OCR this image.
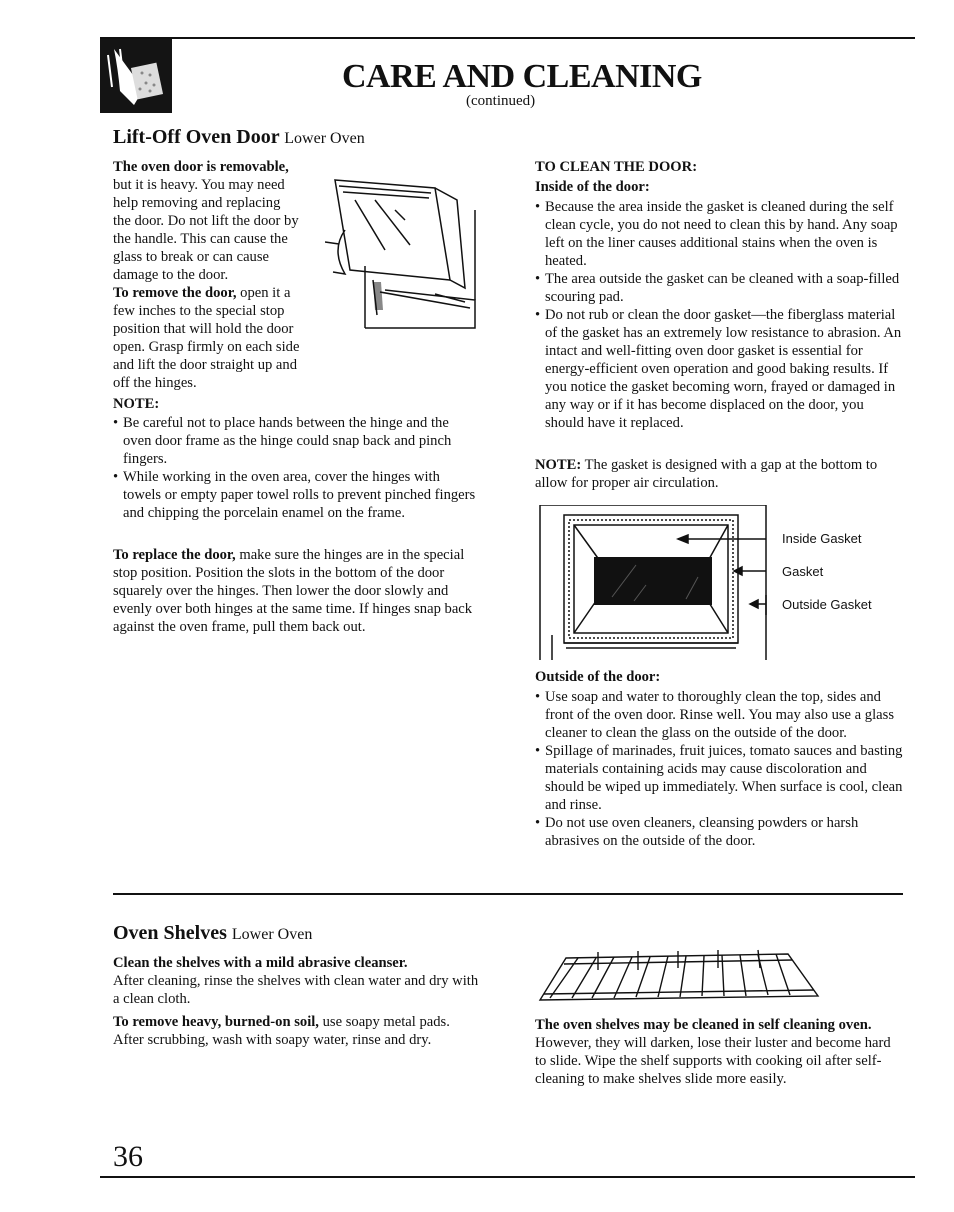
CARE AND CLEANING
(continued)
Lift-Off Oven Door Lower Oven

The oven door is removable,

but it is heavy. You may need

help removing and replacing

the door. Do not lift the door by

the handle. This can cause the

glass to break or can cause

damage to the door.

To remove the door, open it a

few inches to the special stop

position that will hold the door

open. Grasp firmly on each side

and lift the door straight up and

off the hinges.

NOTE:
• Be careful not to place hands between the hinge and the oven door frame as the hinge could snap back and pinch fingers.
• While working in the oven area, cover the hinges with towels or empty paper towel rolls to prevent pinched fingers and chipping the porcelain enamel on the frame.

To replace the door, make sure the hinges are in the special stop position. Position the slots in the bottom of the door squarely over the hinges. Then lower the door slowly and evenly over both hinges at the same time. If hinges snap back against the oven frame, pull them back out.

TO CLEAN THE DOOR:
Inside of the door:
• Because the area inside the gasket is cleaned during the self clean cycle, you do not need to clean this by hand. Any soap left on the liner causes additional stains when the oven is heated.
• The area outside the gasket can be cleaned with a soap-filled scouring pad.
• Do not rub or clean the door gasket—the fiberglass material of the gasket has an extremely low resistance to abrasion. An intact and well-fitting oven door gasket is essential for energy-efficient oven operation and good baking results. If you notice the gasket becoming worn, frayed or damaged in any way or if it has become displaced on the door, you should have it replaced.

NOTE: The gasket is designed with a gap at the bottom to allow for proper air circulation.

Inside Gasket
Gasket
Outside Gasket
Outside of the door:
• Use soap and water to thoroughly clean the top, sides and front of the oven door. Rinse well. You may also use a glass cleaner to clean the glass on the outside of the door.
• Spillage of marinades, fruit juices, tomato sauces and basting materials containing acids may cause discoloration and should be wiped up immediately. When surface is cool, clean and rinse.
• Do not use oven cleaners, cleansing powders or harsh abrasives on the outside of the door.
Oven Shelves Lower Oven

Clean the shelves with a mild abrasive cleanser.
After cleaning, rinse the shelves with clean water and dry with a clean cloth.

To remove heavy, burned-on soil, use soapy metal pads. After scrubbing, wash with soapy water, rinse and dry.

The oven shelves may be cleaned in self cleaning oven. However, they will darken, lose their luster and become hard to slide. Wipe the shelf supports with cooking oil after self-cleaning to make shelves slide more easily.

36
